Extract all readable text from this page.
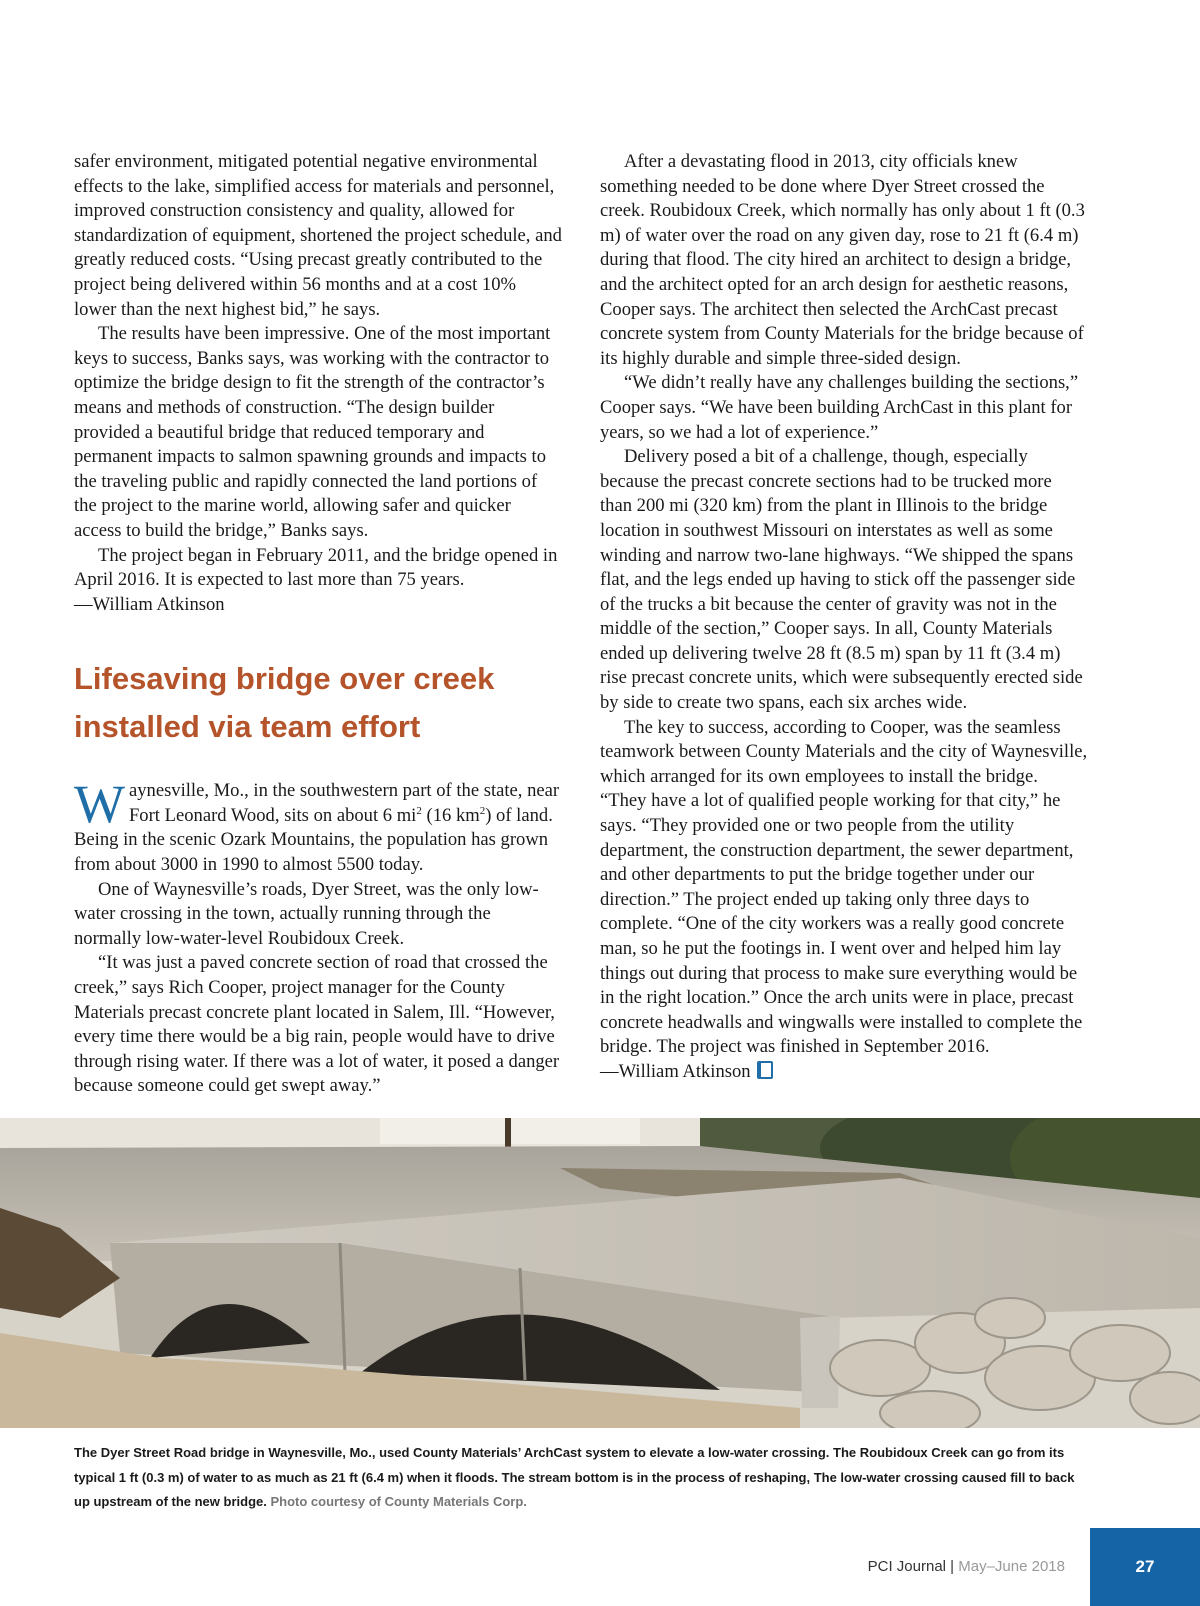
safer environment, mitigated potential negative environmental effects to the lake, simplified access for materials and personnel, improved construction consistency and quality, allowed for standardization of equipment, shortened the project schedule, and greatly reduced costs. “Using precast greatly contributed to the project being delivered within 56 months and at a cost 10% lower than the next highest bid,” he says.

The results have been impressive. One of the most important keys to success, Banks says, was working with the contractor to optimize the bridge design to fit the strength of the contractor’s means and methods of construction. “The design builder provided a beautiful bridge that reduced temporary and permanent impacts to salmon spawning grounds and impacts to the traveling public and rapidly connected the land portions of the project to the marine world, allowing safer and quicker access to build the bridge,” Banks says.

The project began in February 2011, and the bridge opened in April 2016. It is expected to last more than 75 years.

—William Atkinson

Lifesaving bridge over creek installed via team effort

Waynesville, Mo., in the southwestern part of the state, near Fort Leonard Wood, sits on about 6 $mi^2$ (16 $km^2$) of land. Being in the scenic Ozark Mountains, the population has grown from about 3000 in 1990 to almost 5500 today.

One of Waynesville’s roads, Dyer Street, was the only low-water crossing in the town, actually running through the normally low-water-level Roubidoux Creek.

“It was just a paved concrete section of road that crossed the creek,” says Rich Cooper, project manager for the County Materials precast concrete plant located in Salem, Ill. “However, every time there would be a big rain, people would have to drive through rising water. If there was a lot of water, it posed a danger because someone could get swept away.”

After a devastating flood in 2013, city officials knew something needed to be done where Dyer Street crossed the creek. Roubidoux Creek, which normally has only about 1 ft (0.3 m) of water over the road on any given day, rose to 21 ft (6.4 m) during that flood. The city hired an architect to design a bridge, and the architect opted for an arch design for aesthetic reasons, Cooper says. The architect then selected the ArchCast precast concrete system from County Materials for the bridge because of its highly durable and simple three-sided design.

“We didn’t really have any challenges building the sections,” Cooper says. “We have been building ArchCast in this plant for years, so we had a lot of experience.”

Delivery posed a bit of a challenge, though, especially because the precast concrete sections had to be trucked more than 200 mi (320 km) from the plant in Illinois to the bridge location in southwest Missouri on interstates as well as some winding and narrow two-lane highways. “We shipped the spans flat, and the legs ended up having to stick off the passenger side of the trucks a bit because the center of gravity was not in the middle of the section,” Cooper says. In all, County Materials ended up delivering twelve 28 ft (8.5 m) span by 11 ft (3.4 m) rise precast concrete units, which were subsequently erected side by side to create two spans, each six arches wide.

The key to success, according to Cooper, was the seamless teamwork between County Materials and the city of Waynesville, which arranged for its own employees to install the bridge. “They have a lot of qualified people working for that city,” he says. “They provided one or two people from the utility department, the construction department, the sewer department, and other departments to put the bridge together under our direction.” The project ended up taking only three days to complete. “One of the city workers was a really good concrete man, so he put the footings in. I went over and helped him lay things out during that process to make sure everything would be in the right location.” Once the arch units were in place, precast concrete headwalls and wingwalls were installed to complete the bridge. The project was finished in September 2016.

—William Atkinson

The Dyer Street Road bridge in Waynesville, Mo., used County Materials’ ArchCast system to elevate a low-water crossing. The Roubidoux Creek can go from its typical 1 ft (0.3 m) of water to as much as 21 ft (6.4 m) when it floods. The stream bottom is in the process of reshaping, The low-water crossing caused fill to back up upstream of the new bridge. Photo courtesy of County Materials Corp.
PCI Journal | May–June 2018	27
